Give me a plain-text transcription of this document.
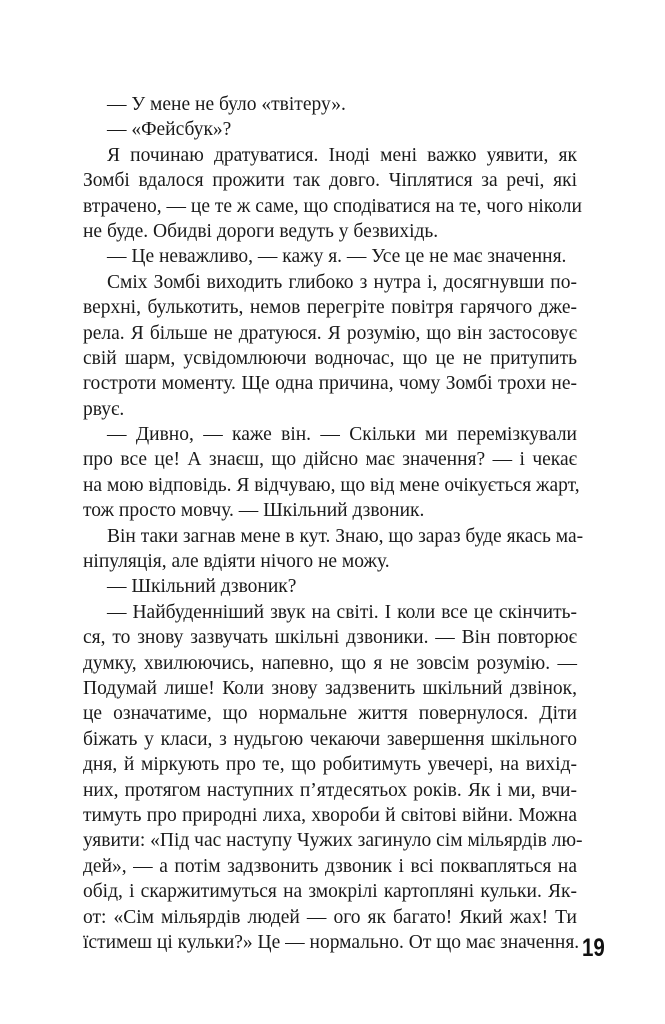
— У мене не було «твітеру».
— «Фейсбук»?
Я починаю дратуватися. Іноді мені важко уявити, як
Зомбі вдалося прожити так довго. Чіплятися за речі, які
втрачено, — це те ж саме, що сподіватися на те, чого ніколи
не буде. Обидві дороги ведуть у безвихідь.
— Це неважливо, — кажу я. — Усе це не має значення.
Сміх Зомбі виходить глибоко з нутра і, досягнувши по-
верхні, булькотить, немов перегріте повітря гарячого дже-
рела. Я більше не дратуюся. Я розумію, що він застосовує
свій шарм, усвідомлюючи водночас, що це не притупить
гостроти моменту. Ще одна причина, чому Зомбі трохи не-
рвує.
— Дивно, — каже він. — Скільки ми перемізкували
про все це! А знаєш, що дійсно має значення? — і чекає
на мою відповідь. Я відчуваю, що від мене очікується жарт,
тож просто мовчу. — Шкільний дзвоник.
Він таки загнав мене в кут. Знаю, що зараз буде якась ма-
ніпуляція, але вдіяти нічого не можу.
— Шкільний дзвоник?
— Найбуденніший звук на світі. І коли все це скінчить-
ся, то знову зазвучать шкільні дзвоники. — Він повторює
думку, хвилюючись, напевно, що я не зовсім розумію. —
Подумай лише! Коли знову задзвенить шкільний дзвінок,
це означатиме, що нормальне життя повернулося. Діти
біжать у класи, з нудьгою чекаючи завершення шкільного
дня, й міркують про те, що робитимуть увечері, на вихід-
них, протягом наступних п’ятдесятьох років. Як і ми, вчи-
тимуть про природні лиха, хвороби й світові війни. Можна
уявити: «Під час наступу Чужих загинуло сім мільярдів лю-
дей», — а потім задзвонить дзвоник і всі поквапляться на
обід, і скаржитимуться на змокрілі картопляні кульки. Як-
от: «Сім мільярдів людей — ого як багато! Який жах! Ти
їстимеш ці кульки?» Це — нормально. От що має значення. 19
